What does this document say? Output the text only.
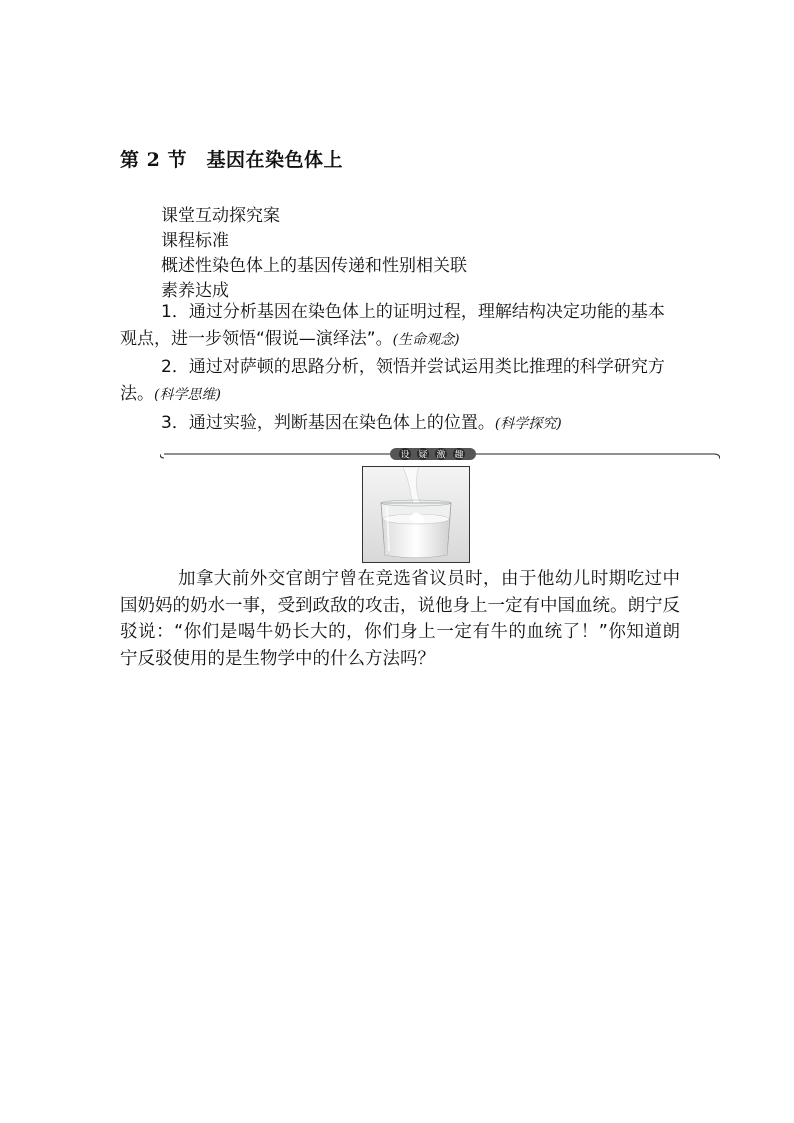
第 2 节　基因在染色体上
课堂互动探究案
课程标准
概述性染色体上的基因传递和性别相关联
素养达成
1．通过分析基因在染色体上的证明过程，理解结构决定功能的基本观点，进一步领悟“假说—演绎法”。(生命观念)
2．通过对萨顿的思路分析，领悟并尝试运用类比推理的科学研究方法。(科学思维)
3．通过实验，判断基因在染色体上的位置。(科学探究)
设 疑 激 趣
加拿大前外交官朗宁曾在竞选省议员时，由于他幼儿时期吃过中国奶妈的奶水一事，受到政敌的攻击，说他身上一定有中国血统。朗宁反驳说：“你们是喝牛奶长大的，你们身上一定有牛的血统了！”你知道朗宁反驳使用的是生物学中的什么方法吗？
